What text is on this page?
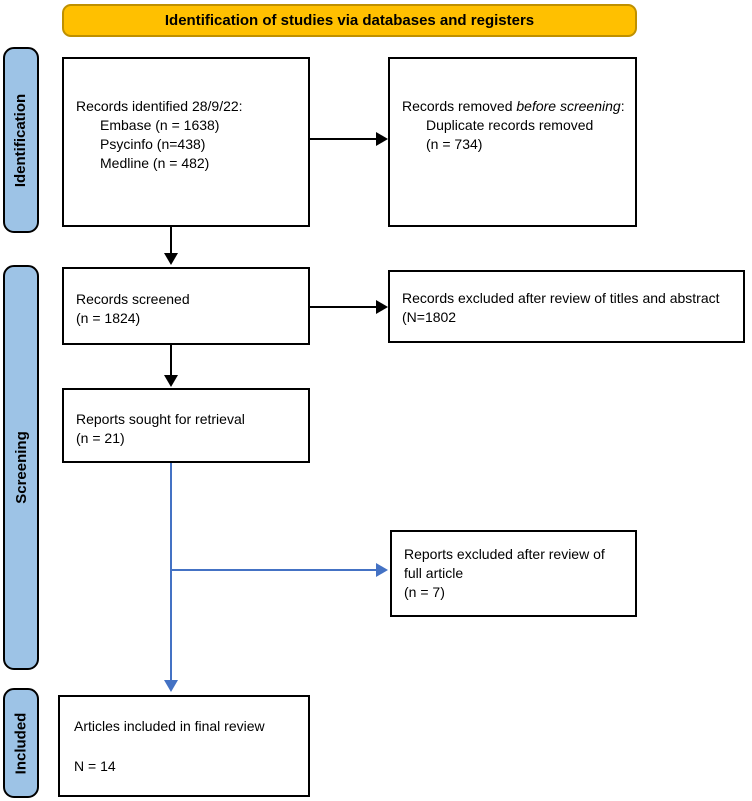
Identification of studies via databases and registers
Identification
Screening
Included
Records identified 28/9/22:
Embase (n = 1638)
Psycinfo (n=438)
Medline (n = 482)
Records removed before screening:
Duplicate records removed
(n = 734)
Records screened
(n = 1824)
Records excluded after review of titles and abstract
(N=1802
Reports sought for retrieval
(n = 21)
Reports excluded after review of
full article
(n = 7)
Articles included in final review
N = 14
